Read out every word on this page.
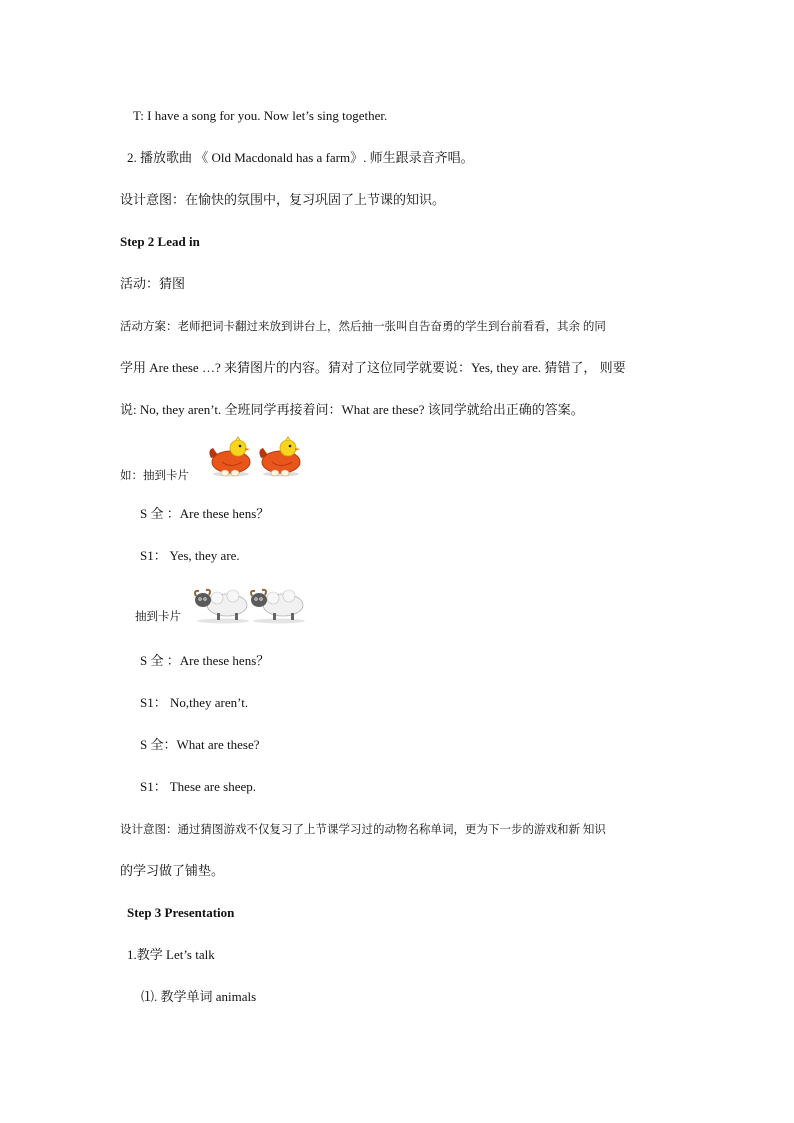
T: I have a song for you. Now let’s sing together.
2. 播放歌曲 《 Old Macdonald has a farm》. 师生跟录音齐唱。
设计意图：在愉快的氛围中，复习巩固了上节课的知识。
Step 2 Lead in
活动：猜图
活动方案：老师把词卡翻过来放到讲台上，然后抽一张叫自告奋勇的学生到台前看看，其余 的同
学用 Are these …? 来猜图片的内容。猜对了这位同学就要说：Yes, they are. 猜错了， 则要
说: No, they aren’t. 全班同学再接着问：What are these? 该同学就给出正确的答案。
如：抽到卡片
S 全 ：Are these hens？
S1： Yes, they are.
抽到卡片
S 全 ：Are these hens？
S1： No,they aren’t.
S 全：What are these?
S1： These are sheep.
设计意图：通过猜图游戏不仅复习了上节课学习过的动物名称单词，更为下一步的游戏和新 知识
的学习做了铺垫。
Step 3 Presentation
1.教学 Let’s talk
⑴. 教学单词 animals
